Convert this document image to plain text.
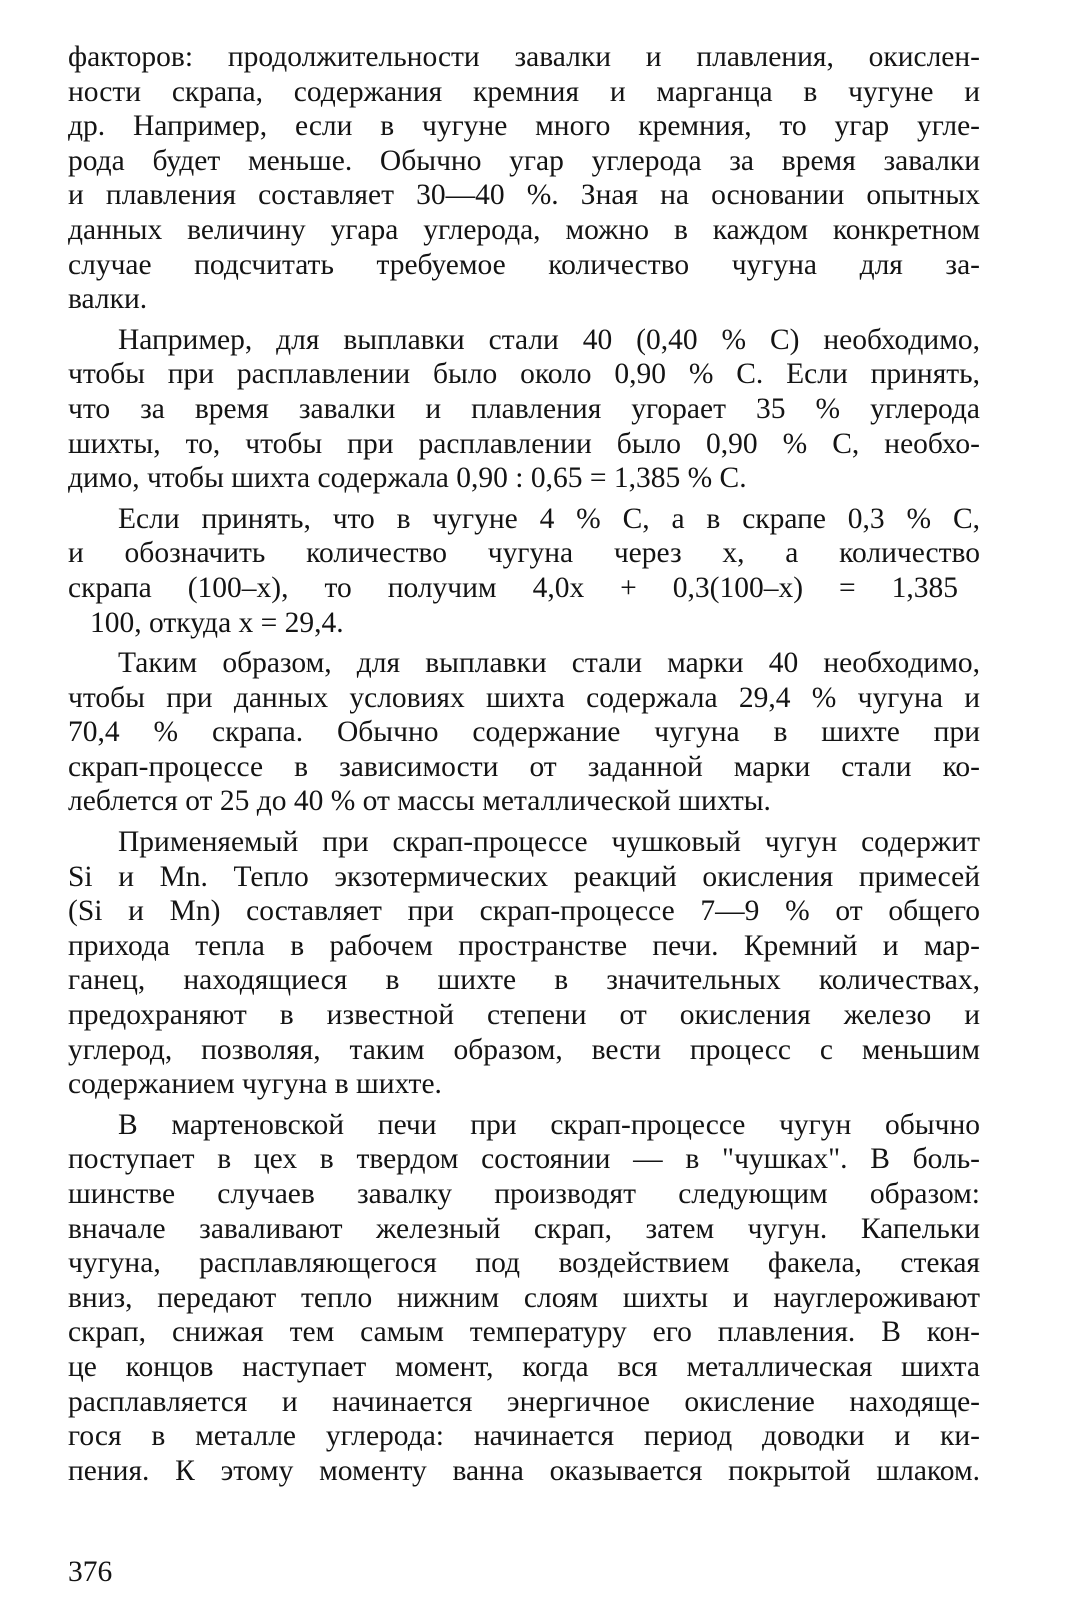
факторов: продолжительности завалки и плавления, окислен-
ности скрапа, содержания кремния и марганца в чугуне и
др. Например, если в чугуне много кремния, то угар угле-
рода будет меньше. Обычно угар углерода за время завалки
и плавления составляет 30—40 %. Зная на основании опытных
данных величину угара углерода, можно в каждом конкретном
случае подсчитать требуемое количество чугуна для за-
валки.
Например, для выплавки стали 40 (0,40 % С) необходимо,
чтобы при расплавлении было около 0,90 % С. Если принять,
что за время завалки и плавления угорает 35 % углерода
шихты, то, чтобы при расплавлении было 0,90 % С, необхо-
димо, чтобы шихта содержала 0,90 : 0,65 = 1,385 % С.
Если принять, что в чугуне 4 % С, а в скрапе 0,3 % С,
и обозначить количество чугуна через x, а количество
скрапа (100–x), то получим 4,0x + 0,3(100–x) = 1,385
100, откуда x = 29,4.
Таким образом, для выплавки стали марки 40 необходимо,
чтобы при данных условиях шихта содержала 29,4 % чугуна и
70,4 % скрапа. Обычно содержание чугуна в шихте при
скрап-процессе в зависимости от заданной марки стали ко-
леблется от 25 до 40 % от массы металлической шихты.
Применяемый при скрап-процессе чушковый чугун содержит
Si и Mn. Тепло экзотермических реакций окисления примесей
(Si и Mn) составляет при скрап-процессе 7—9 % от общего
прихода тепла в рабочем пространстве печи. Кремний и мар-
ганец, находящиеся в шихте в значительных количествах,
предохраняют в известной степени от окисления железо и
углерод, позволяя, таким образом, вести процесс с меньшим
содержанием чугуна в шихте.
В мартеновской печи при скрап-процессе чугун обычно
поступает в цех в твердом состоянии — в "чушках". В боль-
шинстве случаев завалку производят следующим образом:
вначале заваливают железный скрап, затем чугун. Капельки
чугуна, расплавляющегося под воздействием факела, стекая
вниз, передают тепло нижним слоям шихты и науглероживают
скрап, снижая тем самым температуру его плавления. В кон-
це концов наступает момент, когда вся металлическая шихта
расплавляется и начинается энергичное окисление находяще-
гося в металле углерода: начинается период доводки и ки-
пения. К этому моменту ванна оказывается покрытой шлаком.
376
